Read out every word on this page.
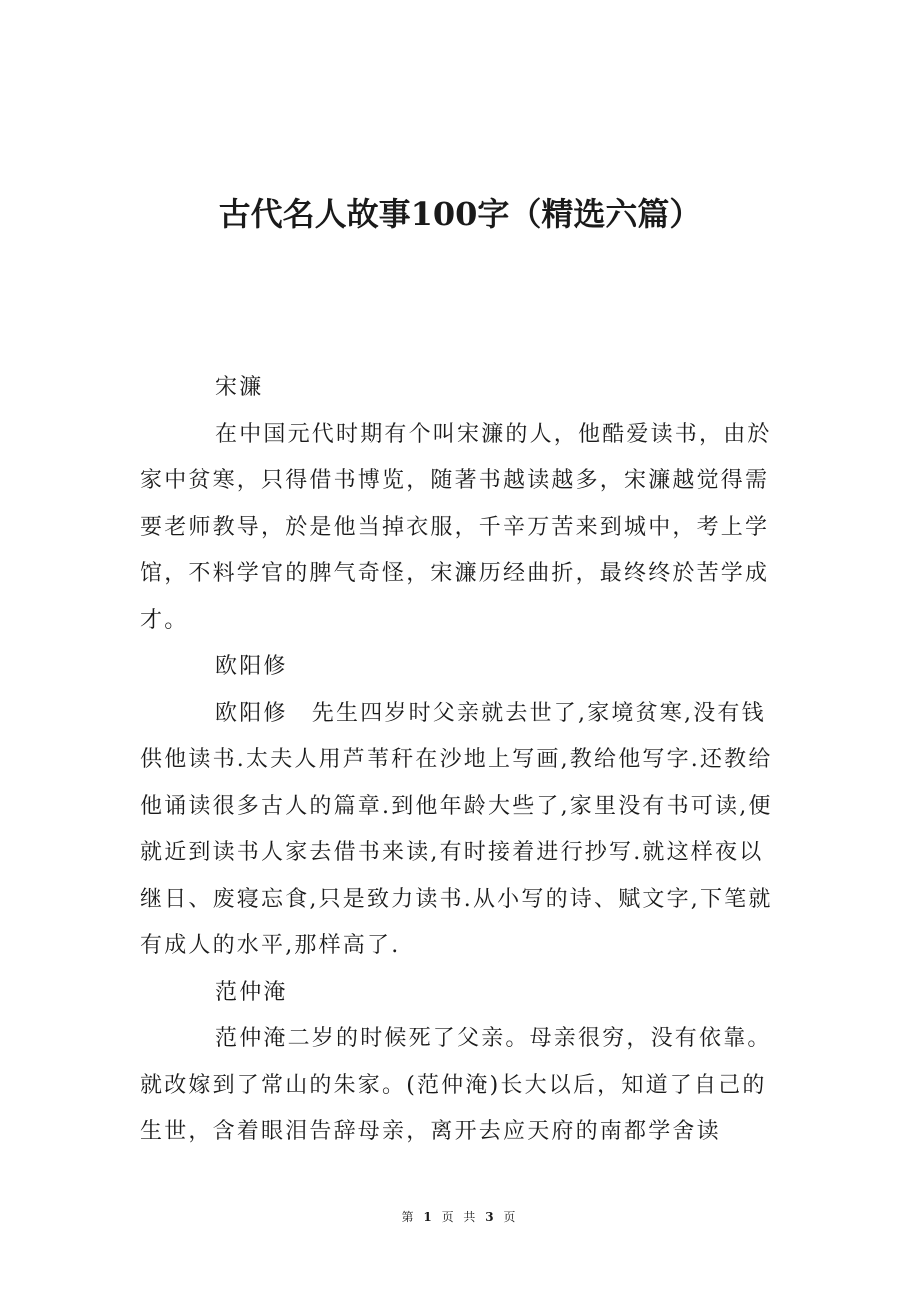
古代名人故事100字（精选六篇）

宋濂

在中国元代时期有个叫宋濂的人，他酷爱读书，由於家中贫寒，只得借书博览，随著书越读越多，宋濂越觉得需要老师教导，於是他当掉衣服，千辛万苦来到城中，考上学馆，不料学官的脾气奇怪，宋濂历经曲折，最终终於苦学成才。

欧阳修

欧阳修　先生四岁时父亲就去世了,家境贫寒,没有钱供他读书.太夫人用芦苇秆在沙地上写画,教给他写字.还教给他诵读很多古人的篇章.到他年龄大些了,家里没有书可读,便就近到读书人家去借书来读,有时接着进行抄写.就这样夜以继日、废寝忘食,只是致力读书.从小写的诗、赋文字,下笔就有成人的水平,那样高了.

范仲淹

范仲淹二岁的时候死了父亲。母亲很穷，没有依靠。就改嫁到了常山的朱家。(范仲淹)长大以后，知道了自己的生世，含着眼泪告辞母亲，离开去应天府的南都学舍读

第 1 页 共 3 页
